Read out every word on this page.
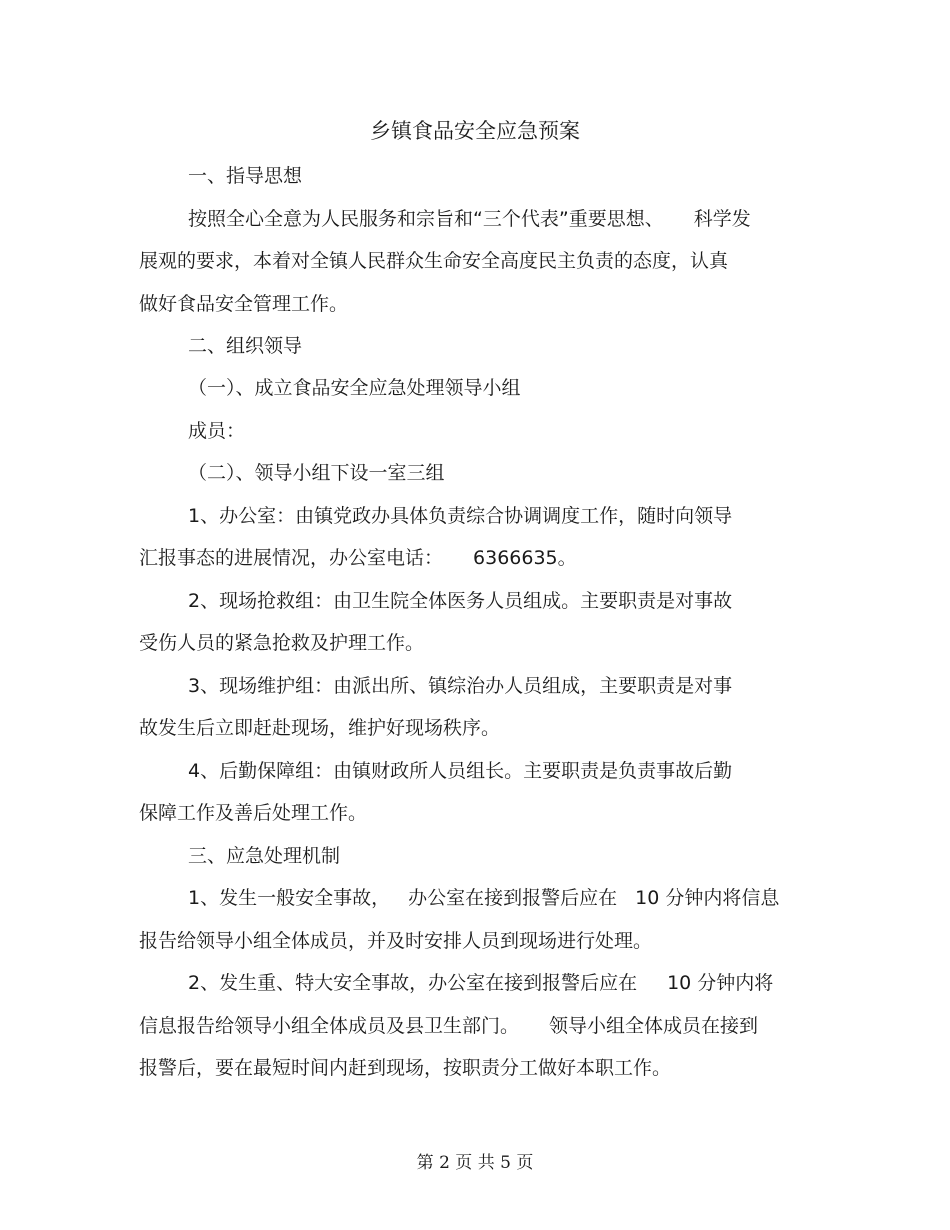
乡镇食品安全应急预案
一、指导思想
按照全心全意为人民服务和宗旨和“三个代表”重要思想、 科学发
展观的要求，本着对全镇人民群众生命安全高度民主负责的态度，认真
做好食品安全管理工作。
二、组织领导
（一）、成立食品安全应急处理领导小组
成员：
（二）、领导小组下设一室三组
1、办公室：由镇党政办具体负责综合协调调度工作，随时向领导
汇报事态的进展情况，办公室电话： 6366635。
2、现场抢救组：由卫生院全体医务人员组成。主要职责是对事故
受伤人员的紧急抢救及护理工作。
3、现场维护组：由派出所、镇综治办人员组成，主要职责是对事
故发生后立即赶赴现场，维护好现场秩序。
4、后勤保障组：由镇财政所人员组长。主要职责是负责事故后勤
保障工作及善后处理工作。
三、应急处理机制
1、发生一般安全事故， 办公室在接到报警后应在 10 分钟内将信息
报告给领导小组全体成员，并及时安排人员到现场进行处理。
2、发生重、特大安全事故，办公室在接到报警后应在 10 分钟内将
信息报告给领导小组全体成员及县卫生部门。 领导小组全体成员在接到
报警后，要在最短时间内赶到现场，按职责分工做好本职工作。
第 2 页 共 5 页
